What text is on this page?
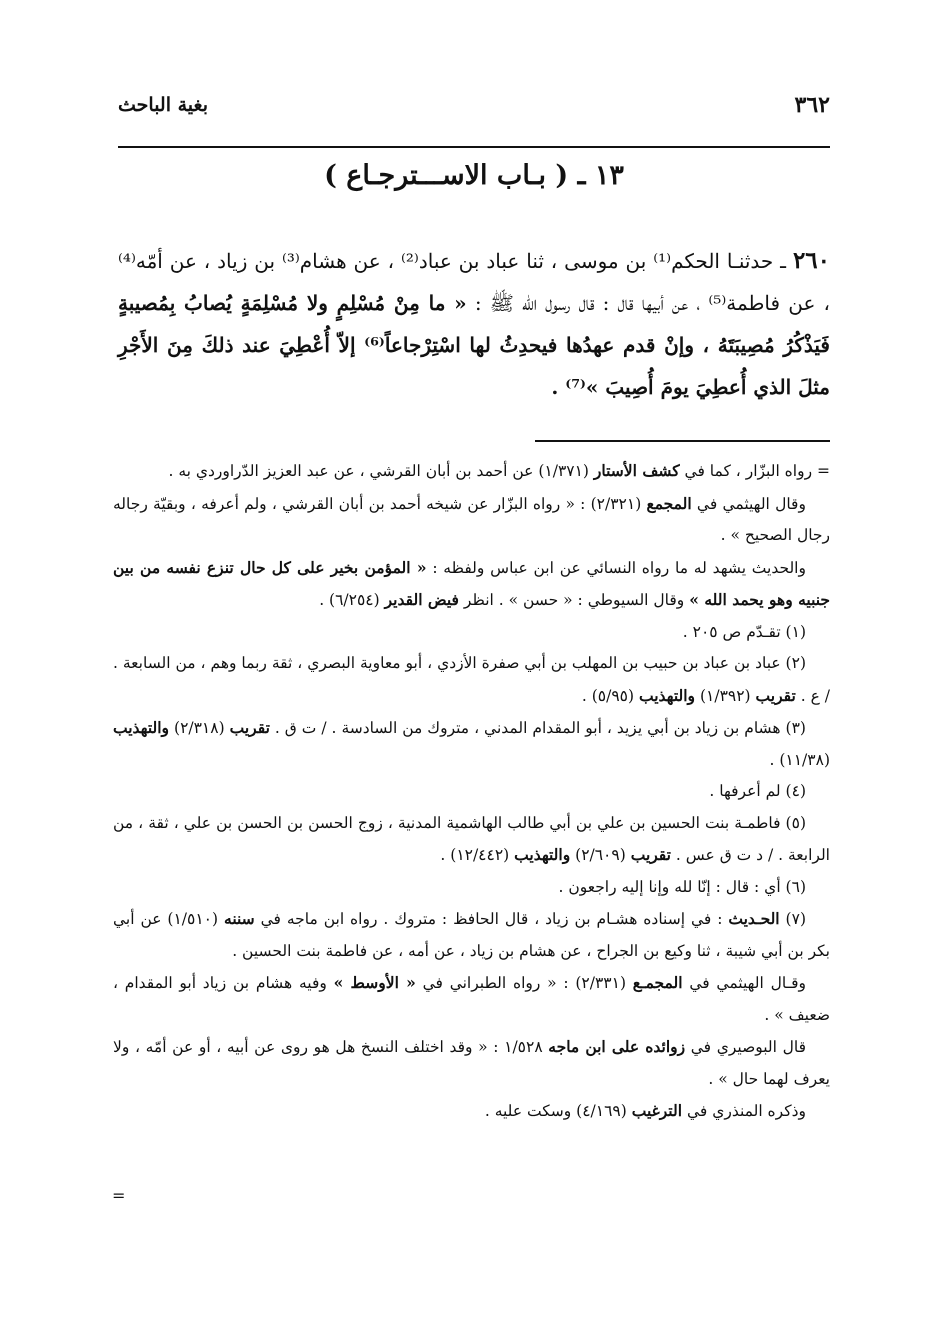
٣٦٢
بغية الباحث
١٣ ـ ( بـاب الاســـترجـاع )

٢٦٠ ـ حدثنـا الحكم⁽¹⁾ بن موسى ، ثنا عباد بن عباد⁽²⁾ ، عن هشام⁽³⁾ بن زياد ، عن أمّه⁽⁴⁾ ، عن فاطمة⁽⁵⁾ ، عن أبيها قال : قال رسول الله ﷺ : « ما مِنْ مُسْلِمٍ ولا مُسْلِمَةٍ يُصابُ بِمُصيبةٍ فَيَذْكُرُ مُصِيبَتَهُ ، وإنْ قدم عهدُها فيحدِثُ لها اسْتِرْجاعاً⁽⁶⁾ إلاّ أُعْطِيَ عند ذلكَ مِنَ الأَجْرِ مثلَ الذي أُعطِيَ يومَ أُصِيبَ »⁽⁷⁾ .

= رواه البزّار ، كما في كشف الأستار (١/٣٧١) عن أحمد بن أبان القرشي ، عن عبد العزيز الدّراوردي به .

وقال الهيثمي في المجمع (٢/٣٢١) : « رواه البزّار عن شيخه أحمد بن أبان القرشي ، ولم أعرفه ، وبقيّة رجاله رجال الصحيح » .

والحديث يشهد له ما رواه النسائي عن ابن عباس ولفظه : « المؤمن بخير على كل حال تنزع نفسه من بين جنبيه وهو يحمد الله » وقال السيوطي : « حسن » . انظر فيض القدير (٦/٢٥٤) .

(١) تقـدّم ص ٢٠٥ .

(٢) عباد بن عباد بن حبيب بن المهلب بن أبي صفرة الأزدي ، أبو معاوية البصري ، ثقة ربما وهم ، من السابعة . / ع . تقريب (١/٣٩٢) والتهذيب (٥/٩٥) .

(٣) هشام بن زياد بن أبي يزيد ، أبو المقدام المدني ، متروك من السادسة . / ت ق . تقريب (٢/٣١٨) والتهذيب (١١/٣٨) .

(٤) لم أعرفها .

(٥) فاطمـة بنت الحسين بن علي بن أبي طالب الهاشمية المدنية ، زوج الحسن بن الحسن بن علي ، ثقة ، من الرابعة . / د ت ق عس . تقريب (٢/٦٠٩) والتهذيب (١٢/٤٤٢) .

(٦) أي : قال : إنّا لله وإنا إليه راجعون .

(٧) الحـديث : في إسناده هشـام بن زياد ، قال الحافظ : متروك . رواه ابن ماجه في سننه (١/٥١٠) عن أبي بكر بن أبي شيبة ، ثنا وكيع بن الجراح ، عن هشام بن زياد ، عن أمه ، عن فاطمة بنت الحسين .

وقـال الهيثمي في المجمـع (٢/٣٣١) : « رواه الطبراني في « الأوسط » وفيه هشام بن زياد أبو المقدام ، ضعيف » .

قال البوصيري في زوائده على ابن ماجه ١/٥٢٨ : « وقد اختلف النسخ هل هو روى عن أبيه ، أو عن أمّه ، ولا يعرف لهما حال » .

وذكره المنذري في الترغيب (٤/١٦٩) وسكت عليه .

=
